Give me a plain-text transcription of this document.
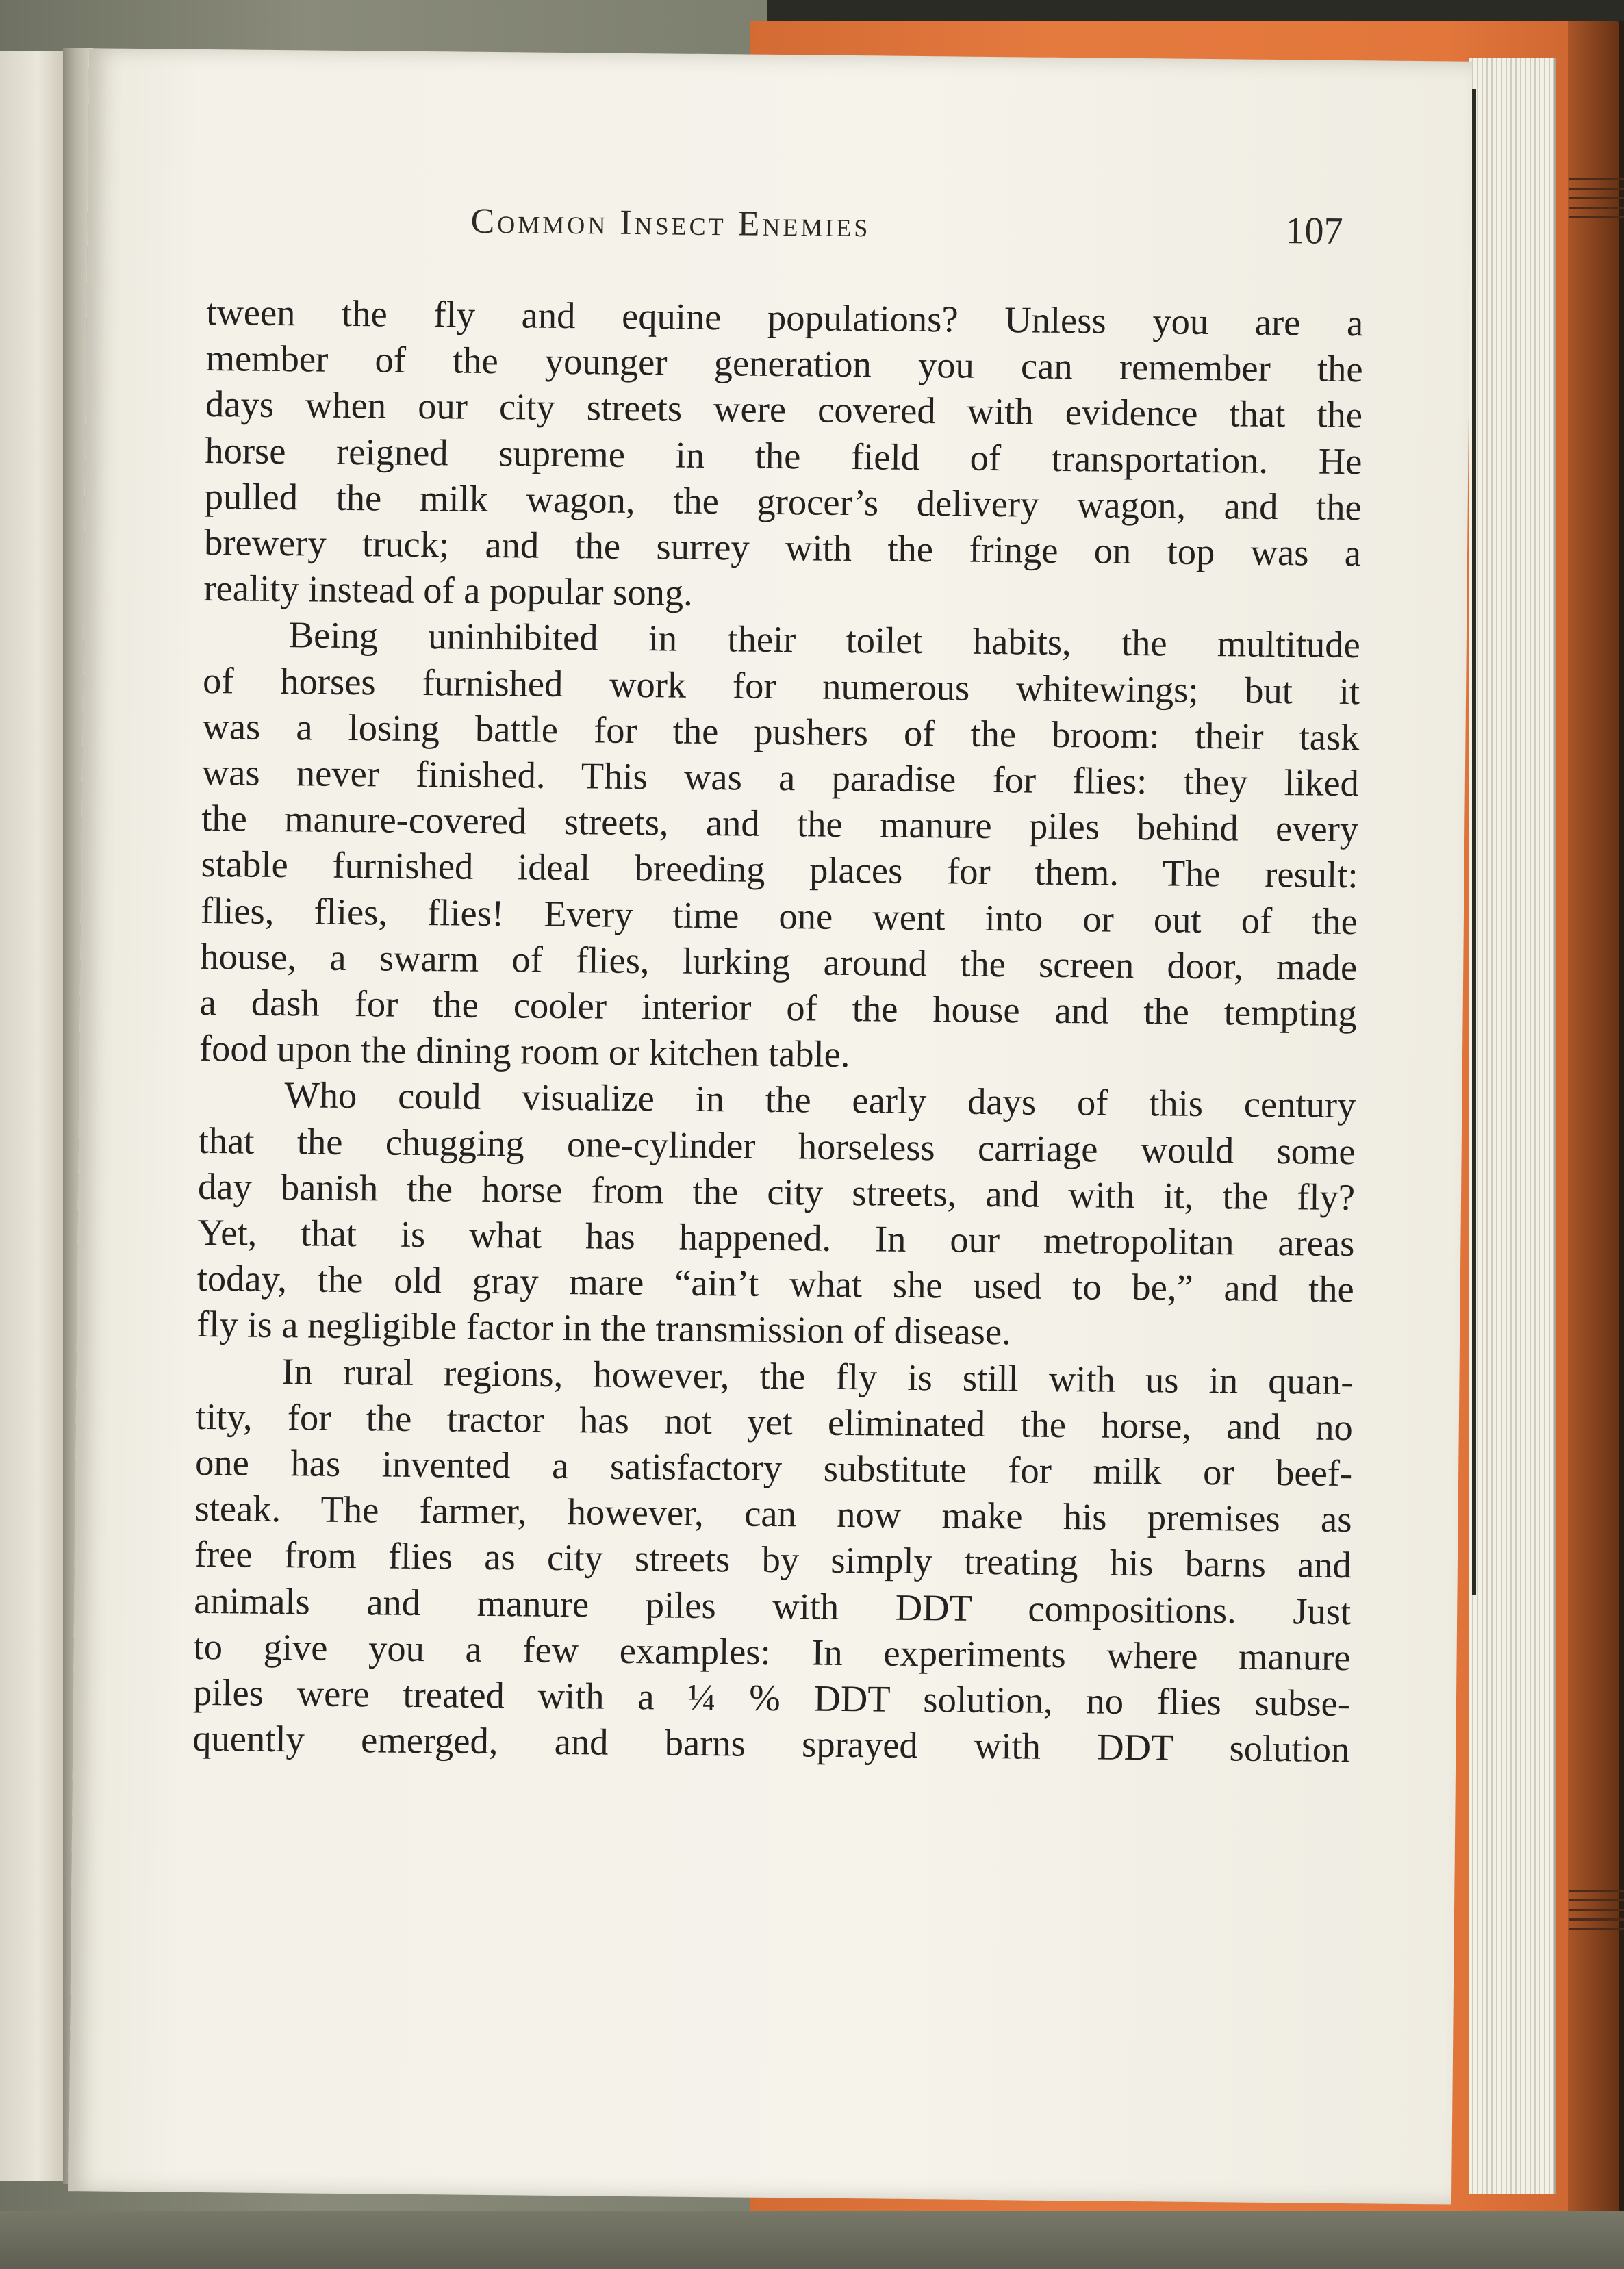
Common Insect Enemies	107

tween the fly and equine populations? Unless you are a
member of the younger generation you can remember the
days when our city streets were covered with evidence that the
horse reigned supreme in the field of transportation. He
pulled the milk wagon, the grocer’s delivery wagon, and the
brewery truck; and the surrey with the fringe on top was a
reality instead of a popular song.

Being uninhibited in their toilet habits, the multitude
of horses furnished work for numerous whitewings; but it
was a losing battle for the pushers of the broom: their task
was never finished. This was a paradise for flies: they liked
the manure-covered streets, and the manure piles behind every
stable furnished ideal breeding places for them. The result:
flies, flies, flies! Every time one went into or out of the
house, a swarm of flies, lurking around the screen door, made
a dash for the cooler interior of the house and the tempting
food upon the dining room or kitchen table.

Who could visualize in the early days of this century
that the chugging one-cylinder horseless carriage would some
day banish the horse from the city streets, and with it, the fly?
Yet, that is what has happened. In our metropolitan areas
today, the old gray mare “ain’t what she used to be,” and the
fly is a negligible factor in the transmission of disease.

In rural regions, however, the fly is still with us in quan-
tity, for the tractor has not yet eliminated the horse, and no
one has invented a satisfactory substitute for milk or beef-
steak. The farmer, however, can now make his premises as
free from flies as city streets by simply treating his barns and
animals and manure piles with DDT compositions. Just
to give you a few examples: In experiments where manure
piles were treated with a ¼ % DDT solution, no flies subse-
quently emerged, and barns sprayed with DDT solution
